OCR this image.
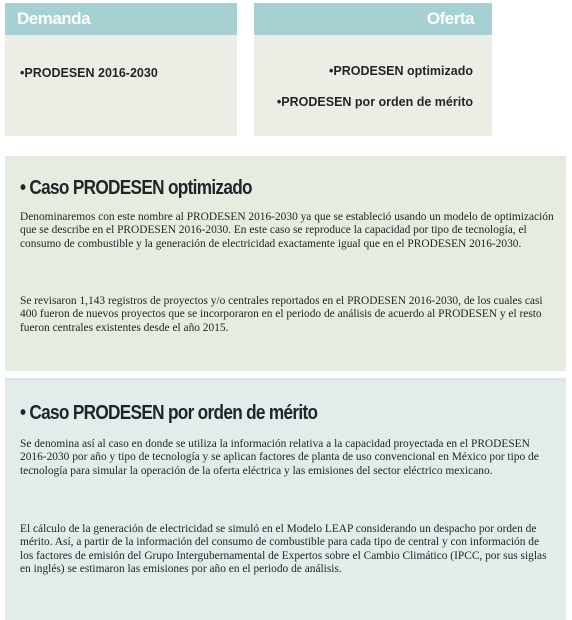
Demanda
•PRODESEN 2016-2030
Oferta
•PRODESEN optimizado
•PRODESEN por orden de mérito
• Caso PRODESEN optimizado

Denominaremos con este nombre al PRODESEN 2016-2030 ya que se estableció usando un modelo de optimización que se describe en el PRODESEN 2016-2030. En este caso se reproduce la capacidad por tipo de tecnología, el consumo de combustible y la generación de electricidad exactamente igual que en el PRODESEN 2016-2030.

Se revisaron 1,143 registros de proyectos y/o centrales reportados en el PRODESEN 2016-2030, de los cuales casi 400 fueron de nuevos proyectos que se incorporaron en el periodo de análisis de acuerdo al PRODESEN y el resto fueron centrales existentes desde el año 2015.

• Caso PRODESEN por orden de mérito

Se denomina así al caso en donde se utiliza la información relativa a la capacidad proyectada en el PRODESEN 2016-2030 por año y tipo de tecnología y se aplican factores de planta de uso convencional en México por tipo de tecnología para simular la operación de la oferta eléctrica y las emisiones del sector eléctrico mexicano.

El cálculo de la generación de electricidad se simuló en el Modelo LEAP considerando un despacho por orden de mérito. Así, a partir de la información del consumo de combustible para cada tipo de central y con información de los factores de emisión del Grupo Intergubernamental de Expertos sobre el Cambio Climático (IPCC, por sus siglas en inglés) se estimaron las emisiones por año en el periodo de análisis.
